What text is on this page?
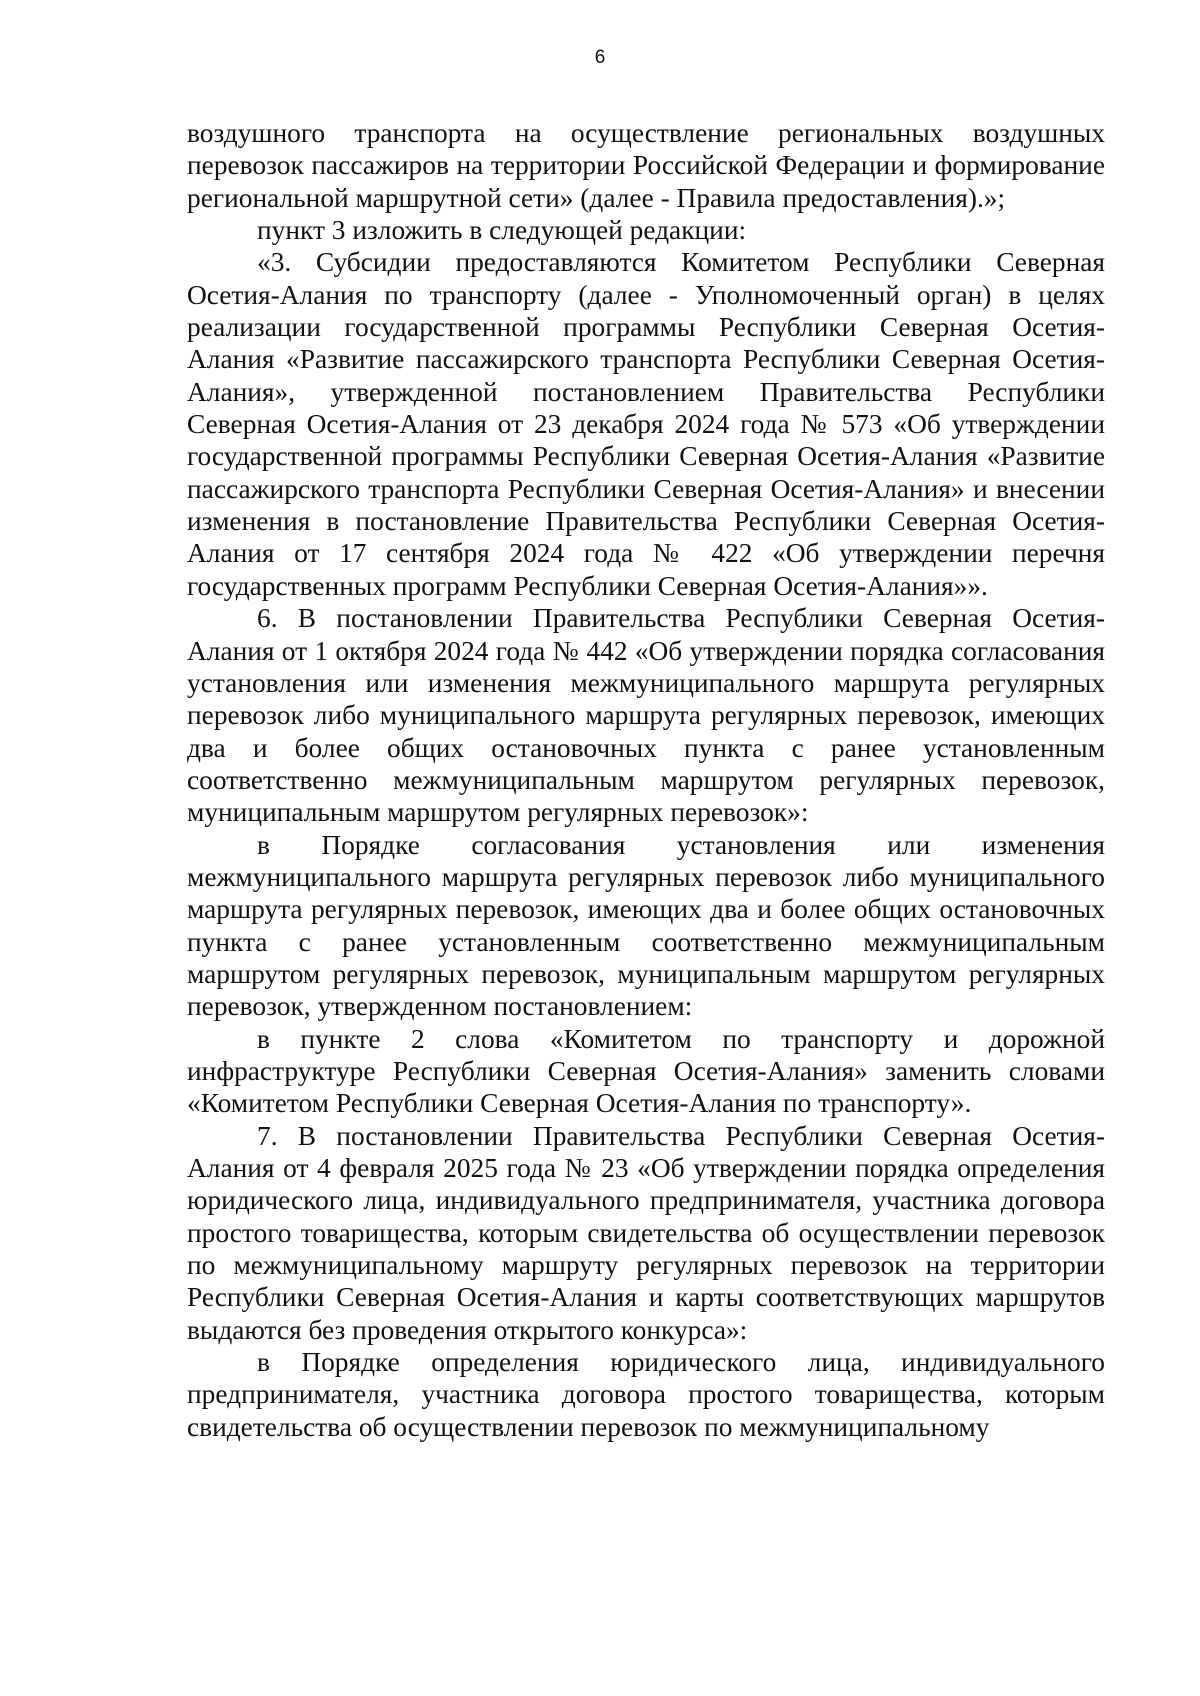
6

воздушного транспорта на осуществление региональных воздушных перевозок пассажиров на территории Российской Федерации и формирование региональной маршрутной сети» (далее - Правила предоставления).»;

пункт 3 изложить в следующей редакции:

«3. Субсидии предоставляются Комитетом Республики Северная Осетия-Алания по транспорту (далее - Уполномоченный орган) в целях реализации государственной программы Республики Северная Осетия-Алания «Развитие пассажирского транспорта Республики Северная Осетия-Алания», утвержденной постановлением Правительства Республики Северная Осетия-Алания от 23 декабря 2024 года № 573 «Об утверждении государственной программы Республики Северная Осетия-Алания «Развитие пассажирского транспорта Республики Северная Осетия-Алания» и внесении изменения в постановление Правительства Республики Северная Осетия-Алания от 17 сентября 2024 года № 422 «Об утверждении перечня государственных программ Республики Северная Осетия-Алания»».

6. В постановлении Правительства Республики Северная Осетия-Алания от 1 октября 2024 года № 442 «Об утверждении порядка согласования установления или изменения межмуниципального маршрута регулярных перевозок либо муниципального маршрута регулярных перевозок, имеющих два и более общих остановочных пункта с ранее установленным соответственно межмуниципальным маршрутом регулярных перевозок, муниципальным маршрутом регулярных перевозок»:

в Порядке согласования установления или изменения межмуниципального маршрута регулярных перевозок либо муниципального маршрута регулярных перевозок, имеющих два и более общих остановочных пункта с ранее установленным соответственно межмуниципальным маршрутом регулярных перевозок, муниципальным маршрутом регулярных перевозок, утвержденном постановлением:

в пункте 2 слова «Комитетом по транспорту и дорожной инфраструктуре Республики Северная Осетия-Алания» заменить словами «Комитетом Республики Северная Осетия-Алания по транспорту».

7. В постановлении Правительства Республики Северная Осетия-Алания от 4 февраля 2025 года № 23 «Об утверждении порядка определения юридического лица, индивидуального предпринимателя, участника договора простого товарищества, которым свидетельства об осуществлении перевозок по межмуниципальному маршруту регулярных перевозок на территории Республики Северная Осетия-Алания и карты соответствующих маршрутов выдаются без проведения открытого конкурса»:

в Порядке определения юридического лица, индивидуального предпринимателя, участника договора простого товарищества, которым свидетельства об осуществлении перевозок по межмуниципальному
